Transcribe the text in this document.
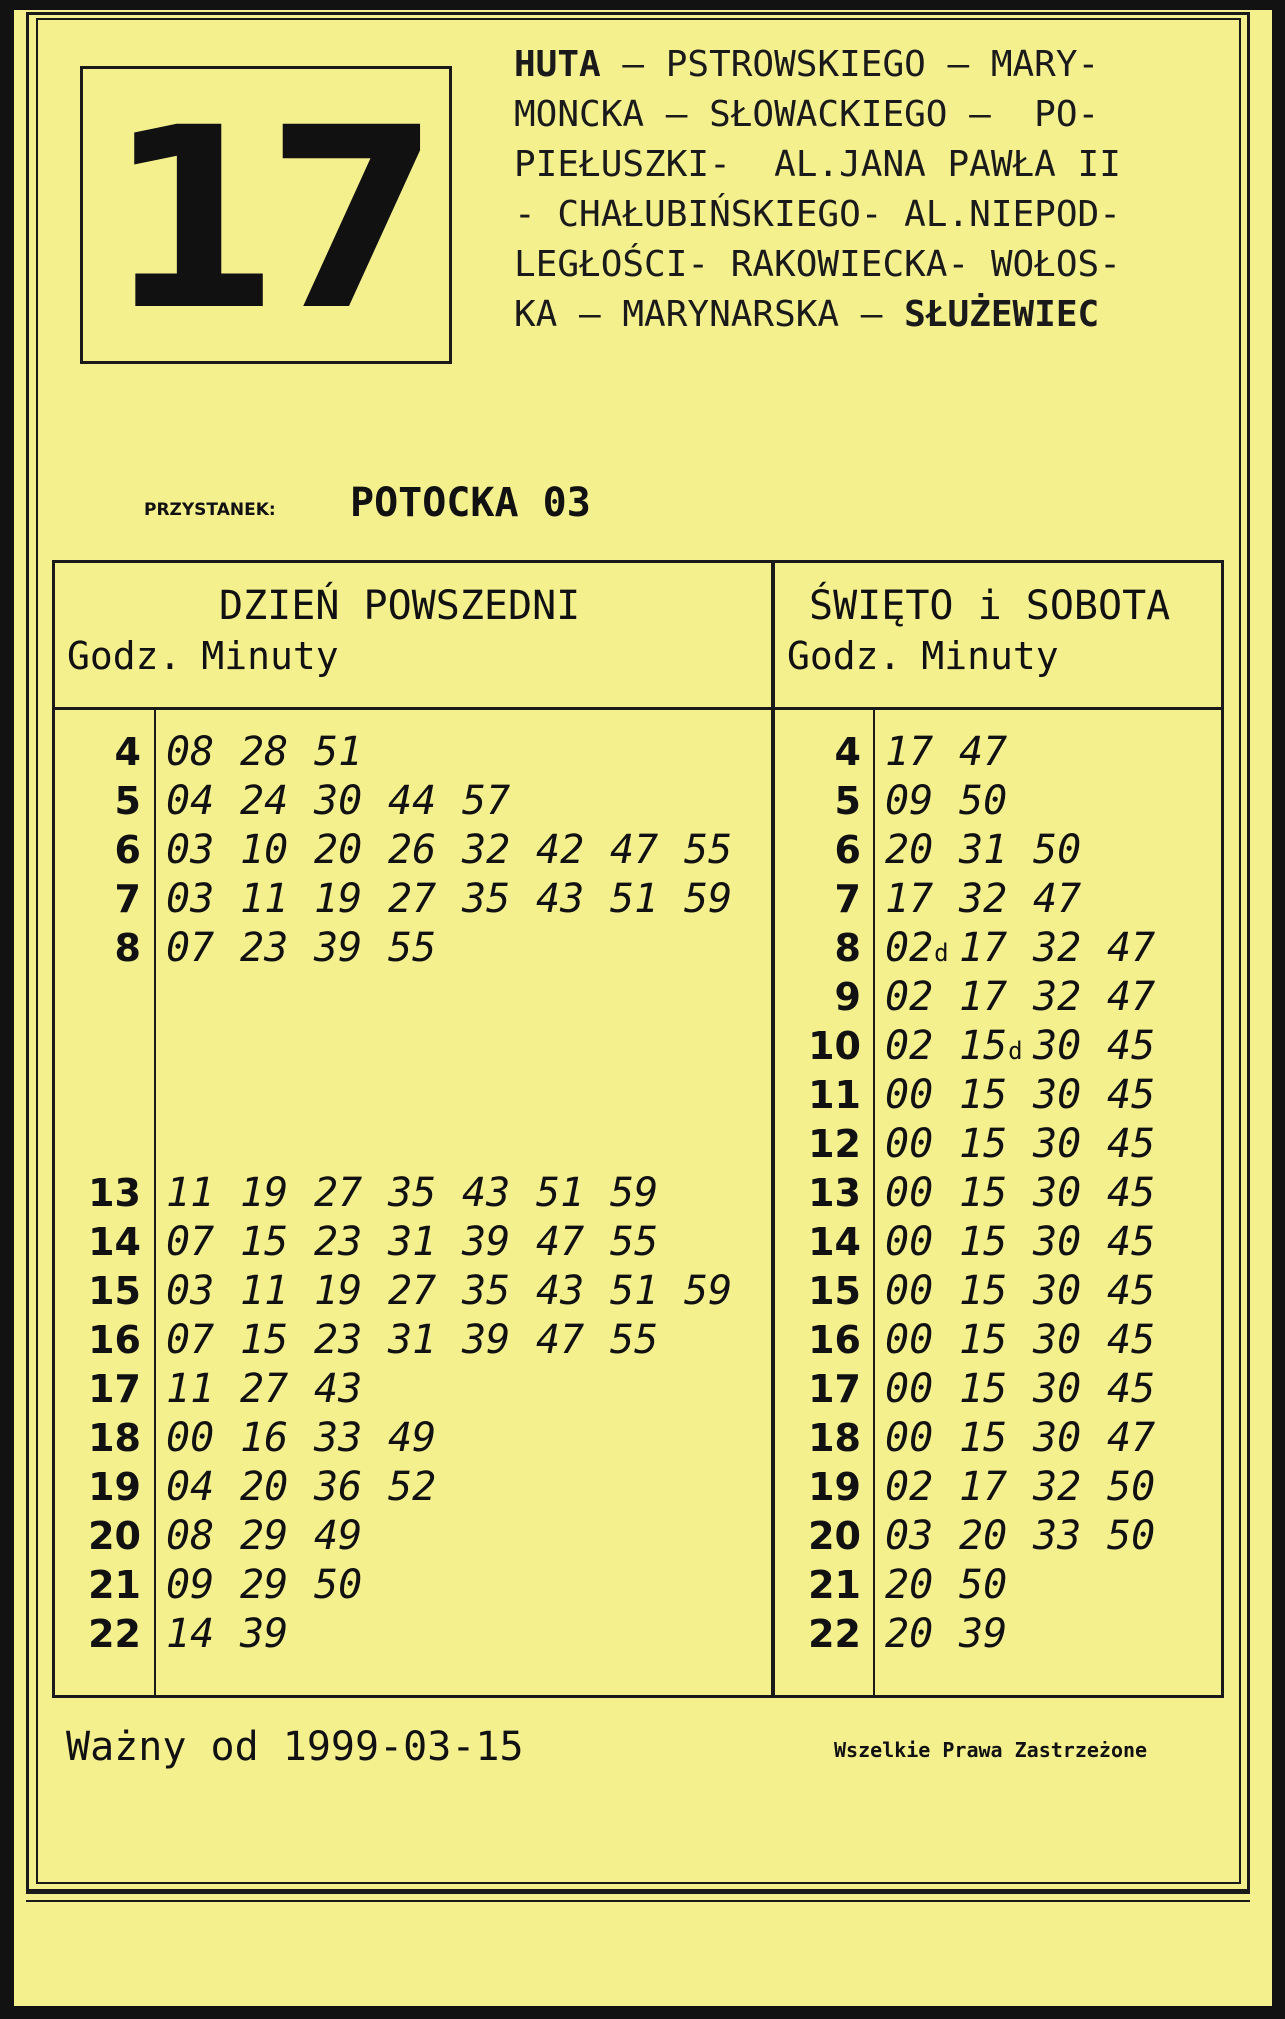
17
HUTA – PSTROWSKIEGO – MARY-
MONCKA – SŁOWACKIEGO –  PO-
PIEŁUSZKI-  AL.JANA PAWŁA II
- CHAŁUBIŃSKIEGO- AL.NIEPOD-
LEGŁOŚCI- RAKOWIECKA- WOŁOS-
KA – MARYNARSKA – SŁUŻEWIEC
PRZYSTANEK: POTOCKA 03
DZIEŃ POWSZEDNI
Godz. Minuty
4 08 28 51
5 04 24 30 44 57
6 03 10 20 26 32 42 47 55
7 03 11 19 27 35 43 51 59
8 07 23 39 55
13 11 19 27 35 43 51 59
14 07 15 23 31 39 47 55
15 03 11 19 27 35 43 51 59
16 07 15 23 31 39 47 55
17 11 27 43
18 00 16 33 49
19 04 20 36 52
20 08 29 49
21 09 29 50
22 14 39
ŚWIĘTO i SOBOTA
Godz. Minuty
4 17 47
5 09 50
6 20 31 50
7 17 32 47
8 02d 17 32 47
9 02 17 32 47
10 02 15d 30 45
11 00 15 30 45
12 00 15 30 45
13 00 15 30 45
14 00 15 30 45
15 00 15 30 45
16 00 15 30 45
17 00 15 30 45
18 00 15 30 47
19 02 17 32 50
20 03 20 33 50
21 20 50
22 20 39
Ważny od 1999-03-15	Wszelkie Prawa Zastrzeżone
